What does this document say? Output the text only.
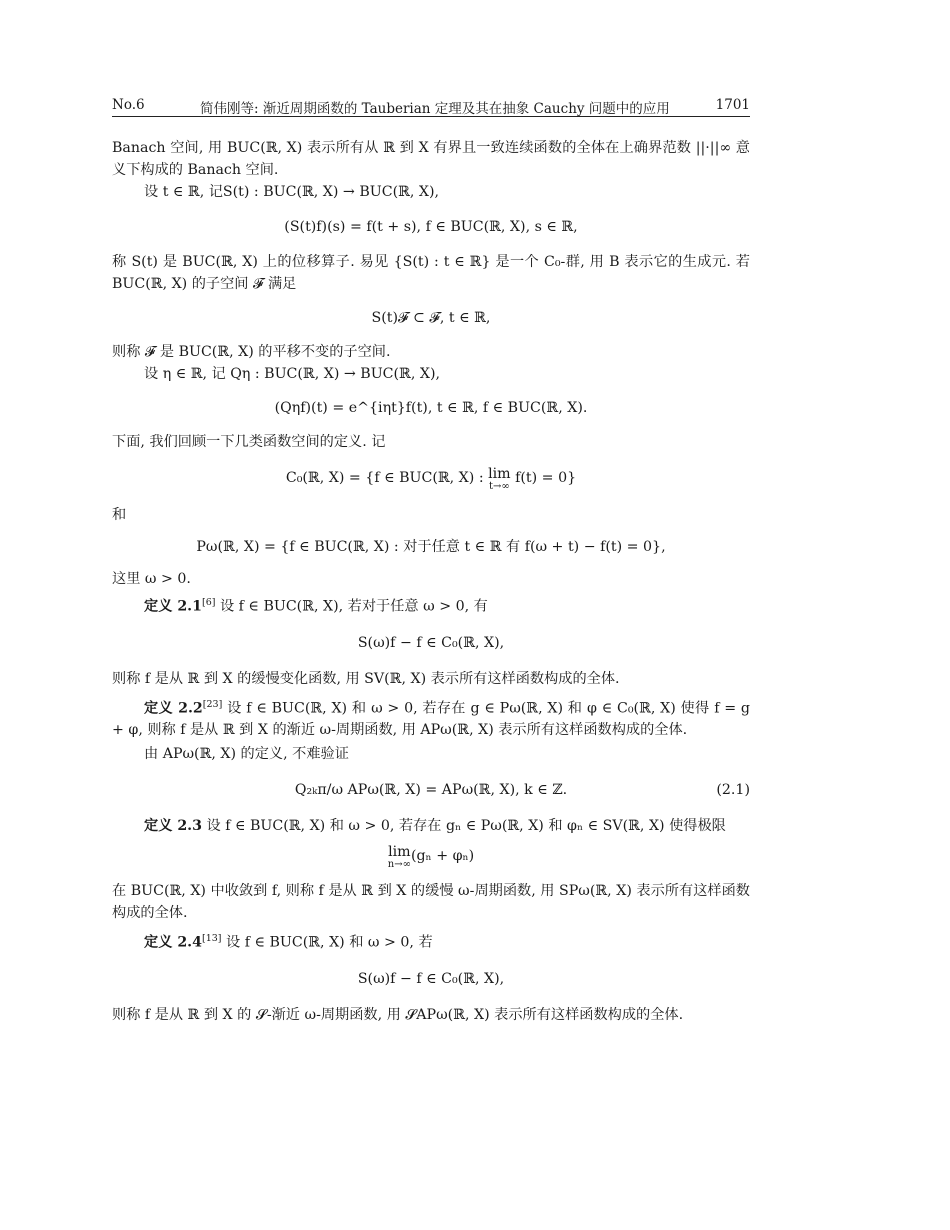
No.6	简伟刚等: 渐近周期函数的 Tauberian 定理及其在抽象 Cauchy 问题中的应用	1701

Banach 空间, 用 BUC(ℝ, X) 表示所有从 ℝ 到 X 有界且一致连续函数的全体在上确界范数 ||·||∞ 意义下构成的 Banach 空间.

设 t ∈ ℝ, 记S(t) : BUC(ℝ, X) → BUC(ℝ, X),

(S(t)f)(s) = f(t + s), f ∈ BUC(ℝ, X), s ∈ ℝ,

称 S(t) 是 BUC(ℝ, X) 上的位移算子. 易见 {S(t) : t ∈ ℝ} 是一个 C₀-群, 用 B 表示它的生成元. 若 BUC(ℝ, X) 的子空间 𝓕 满足

S(t)𝓕 ⊂ 𝓕, t ∈ ℝ,

则称 𝓕 是 BUC(ℝ, X) 的平移不变的子空间.

设 η ∈ ℝ, 记 Qη : BUC(ℝ, X) → BUC(ℝ, X),

(Qηf)(t) = e^{iηt}f(t), t ∈ ℝ, f ∈ BUC(ℝ, X).

下面, 我们回顾一下几类函数空间的定义. 记

C₀(ℝ, X) = {f ∈ BUC(ℝ, X) : lim
t→∞
f(t) = 0}

和

Pω(ℝ, X) = {f ∈ BUC(ℝ, X) : 对于任意 t ∈ ℝ 有 f(ω + t) − f(t) = 0},

这里 ω > 0.

定义 2.1[6] 设 f ∈ BUC(ℝ, X), 若对于任意 ω > 0, 有

S(ω)f − f ∈ C₀(ℝ, X),

则称 f 是从 ℝ 到 X 的缓慢变化函数, 用 SV(ℝ, X) 表示所有这样函数构成的全体.

定义 2.2[23] 设 f ∈ BUC(ℝ, X) 和 ω > 0, 若存在 g ∈ Pω(ℝ, X) 和 φ ∈ C₀(ℝ, X) 使得 f = g + φ, 则称 f 是从 ℝ 到 X 的渐近 ω-周期函数, 用 APω(ℝ, X) 表示所有这样函数构成的全体.

由 APω(ℝ, X) 的定义, 不难验证

Q₂ₖπ/ω APω(ℝ, X) = APω(ℝ, X), k ∈ ℤ.	(2.1)

定义 2.3 设 f ∈ BUC(ℝ, X) 和 ω > 0, 若存在 gₙ ∈ Pω(ℝ, X) 和 φₙ ∈ SV(ℝ, X) 使得极限

lim
n→∞
(gₙ + φₙ)

在 BUC(ℝ, X) 中收敛到 f, 则称 f 是从 ℝ 到 X 的缓慢 ω-周期函数, 用 SPω(ℝ, X) 表示所有这样函数构成的全体.

定义 2.4[13] 设 f ∈ BUC(ℝ, X) 和 ω > 0, 若

S(ω)f − f ∈ C₀(ℝ, X),

则称 f 是从 ℝ 到 X 的 𝓢-渐近 ω-周期函数, 用 𝓢APω(ℝ, X) 表示所有这样函数构成的全体.
